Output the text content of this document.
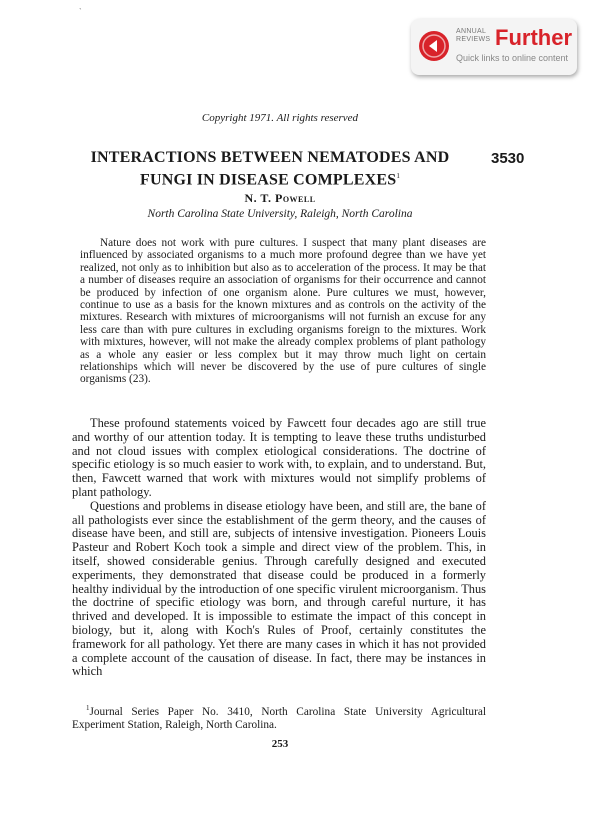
`
ANNUAL
REVIEWS Further
Quick links to online content
Copyright 1971. All rights reserved
INTERACTIONS BETWEEN NEMATODES AND
FUNGI IN DISEASE COMPLEXES$^1$
3530
N. T. Powell
North Carolina State University, Raleigh, North Carolina

Nature does not work with pure cultures. I suspect that many plant diseases are influenced by associated organisms to a much more profound degree than we have yet realized, not only as to inhibition but also as to acceleration of the process. It may be that a number of diseases require an association of organisms for their occurrence and cannot be produced by infection of one organism alone. Pure cultures we must, however, continue to use as a basis for the known mixtures and as controls on the activity of the mixtures. Research with mixtures of microorganisms will not furnish an excuse for any less care than with pure cultures in excluding organisms foreign to the mixtures. Work with mixtures, however, will not make the already complex problems of plant pathology as a whole any easier or less complex but it may throw much light on certain relationships which will never be discovered by the use of pure cultures of single organisms (23).

These profound statements voiced by Fawcett four decades ago are still true and worthy of our attention today. It is tempting to leave these truths undisturbed and not cloud issues with complex etiological considerations. The doctrine of specific etiology is so much easier to work with, to explain, and to understand. But, then, Fawcett warned that work with mixtures would not simplify problems of plant pathology.

Questions and problems in disease etiology have been, and still are, the bane of all pathologists ever since the establishment of the germ theory, and the causes of disease have been, and still are, subjects of intensive investigation. Pioneers Louis Pasteur and Robert Koch took a simple and direct view of the problem. This, in itself, showed considerable genius. Through carefully designed and executed experiments, they demonstrated that disease could be produced in a formerly healthy individual by the introduction of one specific virulent microorganism. Thus the doctrine of specific etiology was born, and through careful nurture, it has thrived and developed. It is impossible to estimate the impact of this concept in biology, but it, along with Koch's Rules of Proof, certainly constitutes the framework for all pathology. Yet there are many cases in which it has not provided a complete account of the causation of disease. In fact, there may be instances in which

$^1$Journal Series Paper No. 3410, North Carolina State University Agricultural Experiment Station, Raleigh, North Carolina.

253
